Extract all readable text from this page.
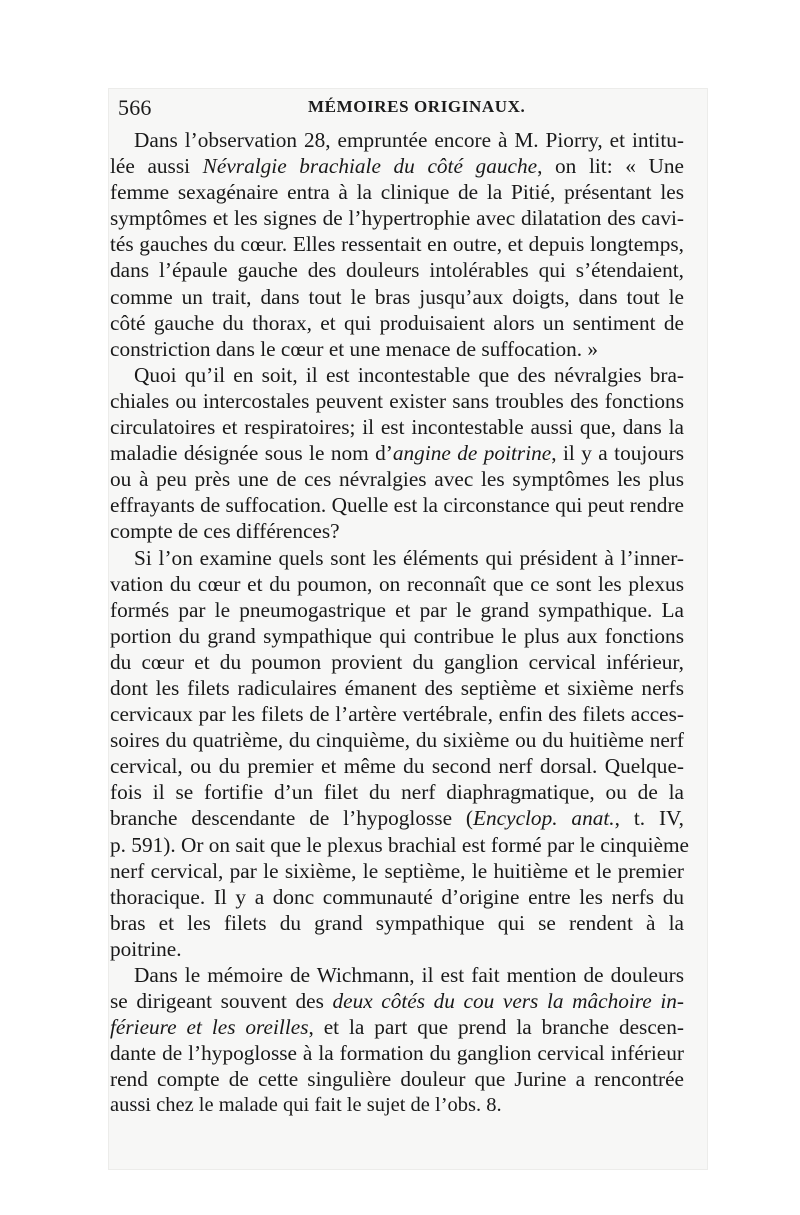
566	MÉMOIRES ORIGINAUX.
Dans l’observation 28, empruntée encore à M. Piorry, et intitu-
lée aussi Névralgie brachiale du côté gauche, on lit: « Une
femme sexagénaire entra à la clinique de la Pitié, présentant les
symptômes et les signes de l’hypertrophie avec dilatation des cavi-
tés gauches du cœur. Elles ressentait en outre, et depuis longtemps,
dans l’épaule gauche des douleurs intolérables qui s’étendaient,
comme un trait, dans tout le bras jusqu’aux doigts, dans tout le
côté gauche du thorax, et qui produisaient alors un sentiment de
constriction dans le cœur et une menace de suffocation. »
Quoi qu’il en soit, il est incontestable que des névralgies bra-
chiales ou intercostales peuvent exister sans troubles des fonctions
circulatoires et respiratoires; il est incontestable aussi que, dans la
maladie désignée sous le nom d’angine de poitrine, il y a toujours
ou à peu près une de ces névralgies avec les symptômes les plus
effrayants de suffocation. Quelle est la circonstance qui peut rendre
compte de ces différences?
Si l’on examine quels sont les éléments qui président à l’inner-
vation du cœur et du poumon, on reconnaît que ce sont les plexus
formés par le pneumogastrique et par le grand sympathique. La
portion du grand sympathique qui contribue le plus aux fonctions
du cœur et du poumon provient du ganglion cervical inférieur,
dont les filets radiculaires émanent des septième et sixième nerfs
cervicaux par les filets de l’artère vertébrale, enfin des filets acces-
soires du quatrième, du cinquième, du sixième ou du huitième nerf
cervical, ou du premier et même du second nerf dorsal. Quelque-
fois il se fortifie d’un filet du nerf diaphragmatique, ou de la
branche descendante de l’hypoglosse (Encyclop. anat., t. IV,
p. 591). Or on sait que le plexus brachial est formé par le cinquième
nerf cervical, par le sixième, le septième, le huitième et le premier
thoracique. Il y a donc communauté d’origine entre les nerfs du
bras et les filets du grand sympathique qui se rendent à la
poitrine.
Dans le mémoire de Wichmann, il est fait mention de douleurs
se dirigeant souvent des deux côtés du cou vers la mâchoire in-
férieure et les oreilles, et la part que prend la branche descen-
dante de l’hypoglosse à la formation du ganglion cervical inférieur
rend compte de cette singulière douleur que Jurine a rencontrée
aussi chez le malade qui fait le sujet de l’obs. 8.
